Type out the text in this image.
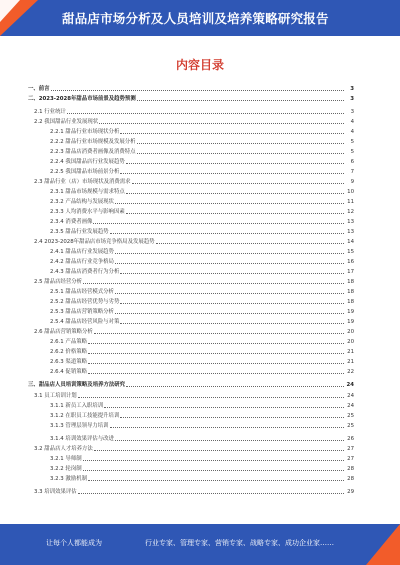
甜品店市场分析及人员培训及培养策略研究报告
内容目录
一、前言	3
二、2023-2028年甜品市场前景及趋势预测	3
2.1 行业统计	3
2.2 我国甜品行业发展现状	4
2.2.1 甜品行业市场现状分析	4
2.2.2 甜品行业市场规模及发展分析	5
2.2.3 甜品店消费者画像及消费特点	5
2.2.4 我国甜品店行业发展趋势	6
2.2.5 我国甜品市场前景分析	7
2.3 甜品行业（店）市场现状及消费需求	9
2.3.1 甜品市场规模与需求特点	10
2.3.2 产品结构与发展现状	11
2.3.3 人均消费水平与影响因素	12
2.3.4 消费者画像	13
2.3.5 甜品行业发展趋势	13
2.4 2023-2028年甜品店市场竞争格局及发展趋势	14
2.4.1 甜品店行业发展趋势	15
2.4.2 甜品店行业竞争格局	16
2.4.3 甜品店消费者行为分析	17
2.5 甜品店经营分析	18
2.5.1 甜品店经营模式分析	18
2.5.2 甜品店经营优势与劣势	18
2.5.3 甜品店营销策略分析	19
2.5.4 甜品店经营风险与对策	19
2.6 甜品店营销策略分析	20
2.6.1 产品策略	20
2.6.2 价格策略	21
2.6.3 渠道策略	21
2.6.4 促销策略	22
三、甜品店人员培训策略及培养方法研究	24
3.1 员工培训计划	24
3.1.1 新员工入职培训	24
3.1.2 在职员工技能提升培训	25
3.1.3 管理层领导力培训	25
3.1.4 培训效果评估与改进	26
3.2 甜品店人才培养方法	27
3.2.1 导师制	27
3.2.2 轮岗制	28
3.2.3 激励机制	28
3.3 培训效果评估	29
让每个人都能成为	行业专家、管理专家、营销专家、战略专家、成功企业家……
